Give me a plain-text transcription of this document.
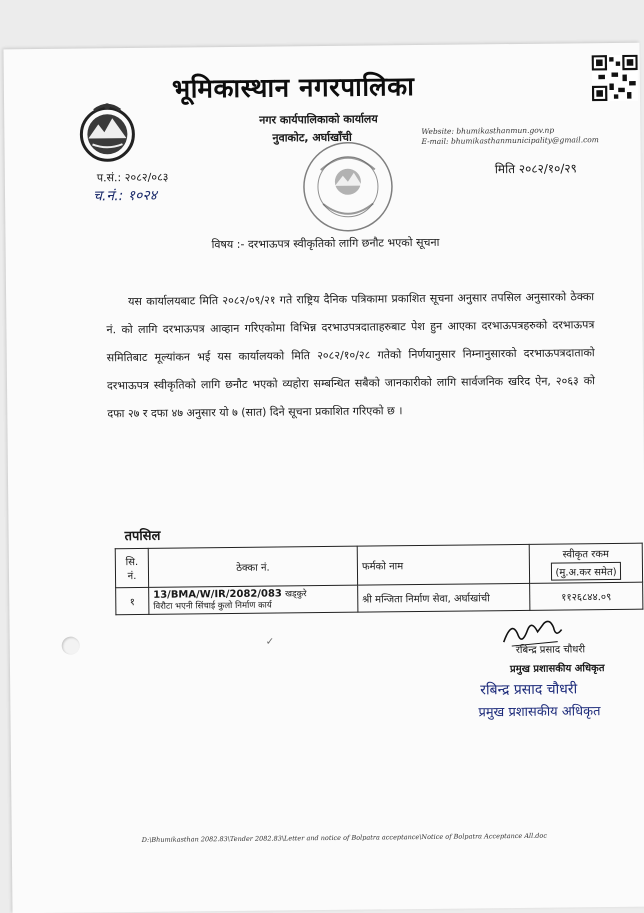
भूमिकास्थान नगरपालिका
नगर कार्यपालिकाको कार्यालय
नुवाकोट, अर्घाखाँची	Website: bhumikasthanmun.gov.np
E-mail: bhumikasthanmunicipality@gmail.com
प.सं.: २०८२/०८३
च.नं.: १०२४
मिति २०८२/१०/२९
विषय :- दरभाऊपत्र स्वीकृतिको लागि छनौट भएको सूचना
यस कार्यालयबाट मिति २०८२/०९/२१ गते राष्ट्रिय दैनिक पत्रिकामा प्रकाशित सूचना अनुसार तपसिल अनुसारको ठेक्का नं. को लागि दरभाऊपत्र आव्हान गरिएकोमा विभिन्न दरभाउपत्रदाताहरुबाट पेश हुन आएका दरभाऊपत्रहरुको दरभाऊपत्र समितिबाट मूल्यांकन भई यस कार्यालयको मिति २०८२/१०/२८ गतेको निर्णयानुसार निम्नानुसारको दरभाऊपत्रदाताको दरभाऊपत्र स्वीकृतिको लागि छनौट भएको व्यहोरा सम्बन्धित सबैको जानकारीको लागि सार्वजनिक खरिद ऐन, २०६३ को दफा २७ र दफा ४७ अनुसार यो ७ (सात) दिने सूचना प्रकाशित गरिएको छ ।
तपसिल
सि. नं.	ठेक्का नं.	फर्मको नाम	स्वीकृत रकम
(मु.अ.कर समेत)
१	13/BMA/W/IR/2082/083 खड्कुरे
विरौटा भएनी सिंचाई कुलो निर्माण कार्य	श्री मन्जिता निर्माण सेवा, अर्घाखांची	११२६८४४.०९
✓
रबिन्द्र प्रसाद चौधरी
प्रमुख प्रशासकीय अधिकृत
रबिन्द्र प्रसाद चौधरी
प्रमुख प्रशासकीय अधिकृत
D:\Bhumikasthan 2082.83\Tender 2082.83\Letter and notice of Bolpatra acceptance\Notice of Bolpatra Acceptance All.doc
